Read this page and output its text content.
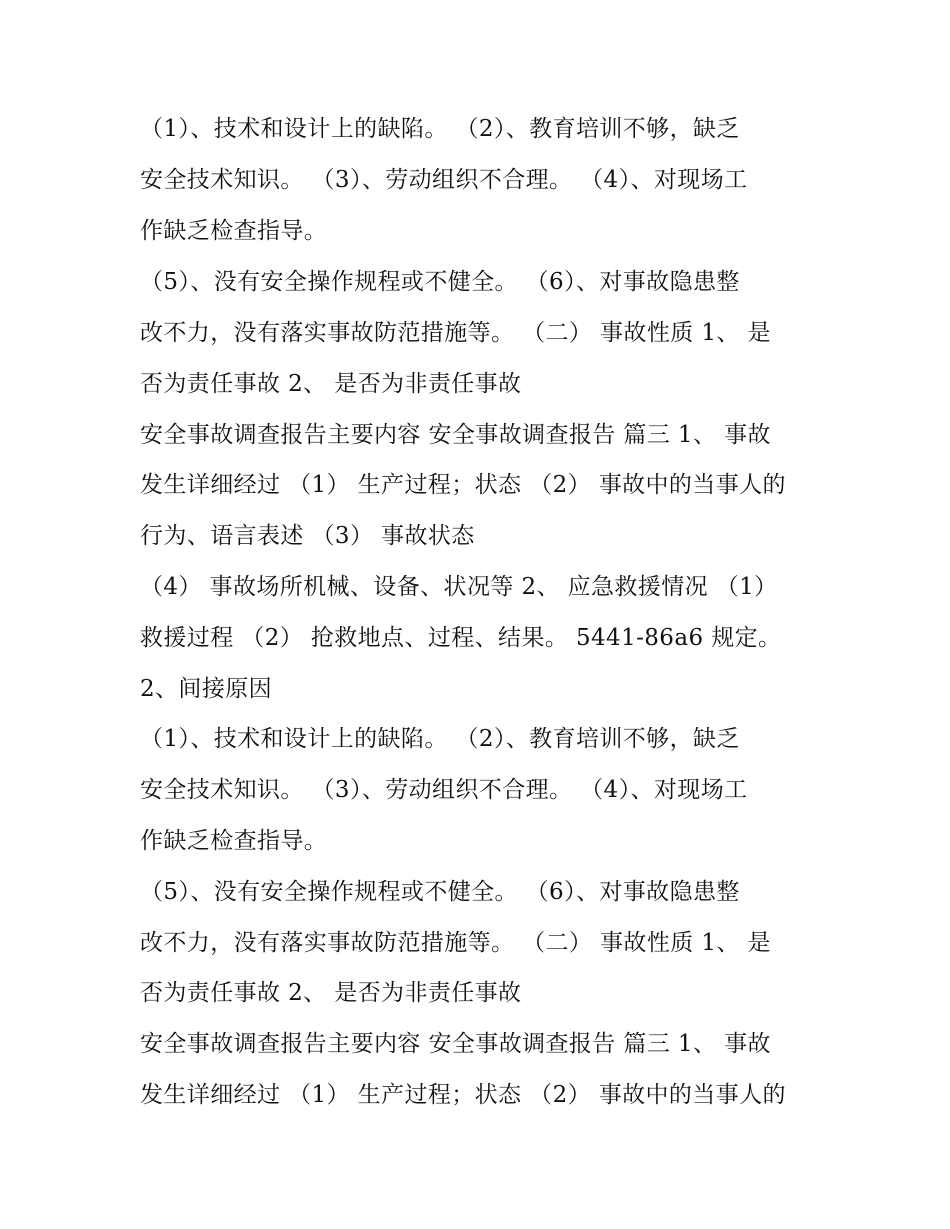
（1）、技术和设计上的缺陷。 （2）、教育培训不够，缺乏
安全技术知识。 （3）、劳动组织不合理。 （4）、对现场工
作缺乏检查指导。
（5）、没有安全操作规程或不健全。 （6）、对事故隐患整
改不力，没有落实事故防范措施等。 （二） 事故性质 1、 是
否为责任事故 2、 是否为非责任事故
安全事故调查报告主要内容 安全事故调查报告 篇三 1、 事故
发生详细经过 （1） 生产过程；状态 （2） 事故中的当事人的
行为、语言表述 （3） 事故状态
（4） 事故场所机械、设备、状况等 2、 应急救援情况 （1）
救援过程 （2） 抢救地点、过程、结果。 5441-86a6 规定。
2、间接原因
（1）、技术和设计上的缺陷。 （2）、教育培训不够，缺乏
安全技术知识。 （3）、劳动组织不合理。 （4）、对现场工
作缺乏检查指导。
（5）、没有安全操作规程或不健全。 （6）、对事故隐患整
改不力，没有落实事故防范措施等。 （二） 事故性质 1、 是
否为责任事故 2、 是否为非责任事故
安全事故调查报告主要内容 安全事故调查报告 篇三 1、 事故
发生详细经过 （1） 生产过程；状态 （2） 事故中的当事人的
